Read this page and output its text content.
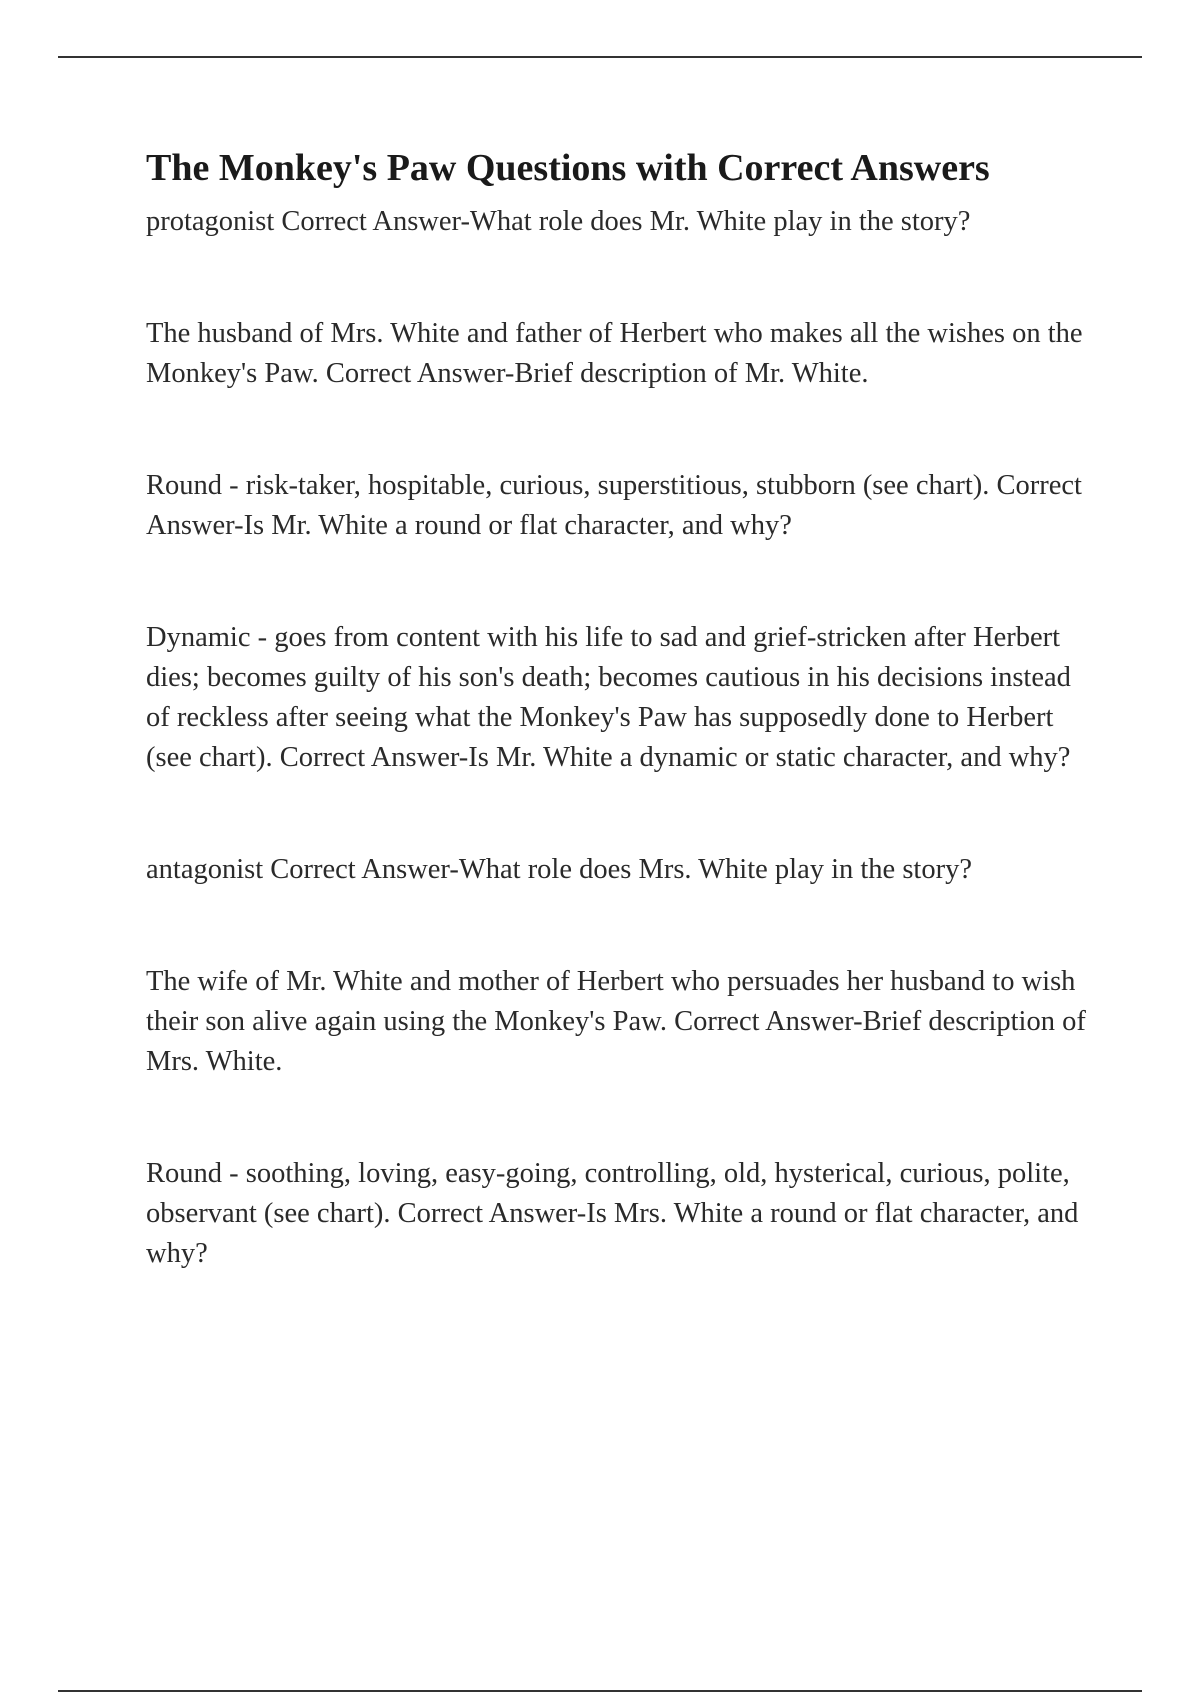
The Monkey's Paw Questions with Correct Answers

protagonist Correct Answer-What role does Mr. White play in the story?

The husband of Mrs. White and father of Herbert who makes all the wishes on the Monkey's Paw. Correct Answer-Brief description of Mr. White.

Round - risk-taker, hospitable, curious, superstitious, stubborn (see chart). Correct Answer-Is Mr. White a round or flat character, and why?

Dynamic - goes from content with his life to sad and grief-stricken after Herbert dies; becomes guilty of his son's death; becomes cautious in his decisions instead of reckless after seeing what the Monkey's Paw has supposedly done to Herbert (see chart). Correct Answer-Is Mr. White a dynamic or static character, and why?

antagonist Correct Answer-What role does Mrs. White play in the story?

The wife of Mr. White and mother of Herbert who persuades her husband to wish their son alive again using the Monkey's Paw. Correct Answer-Brief description of Mrs. White.

Round - soothing, loving, easy-going, controlling, old, hysterical, curious, polite, observant (see chart). Correct Answer-Is Mrs. White a round or flat character, and why?
